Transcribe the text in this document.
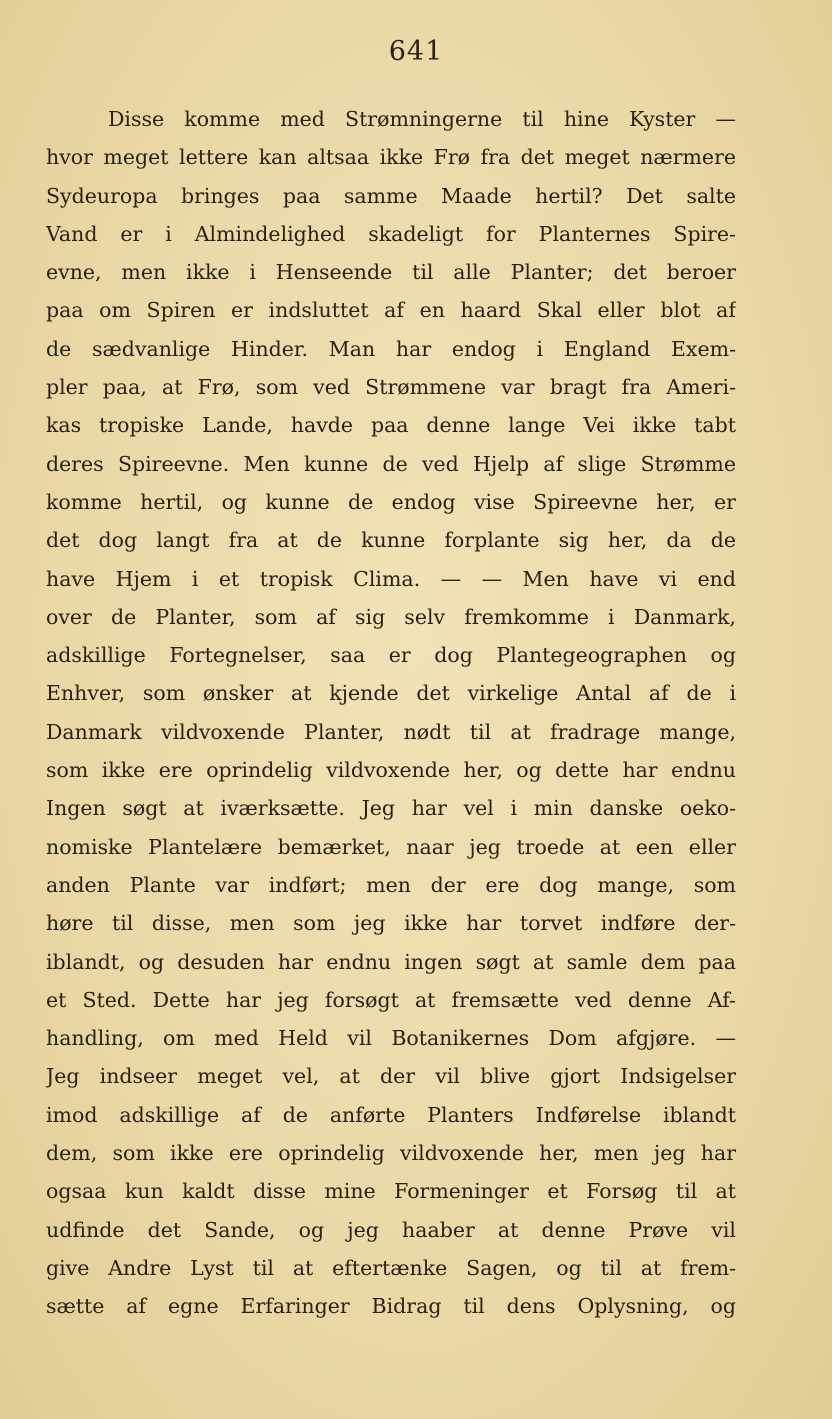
641
Disse komme med Strømningerne til hine Kyster —
hvor meget lettere kan altsaa ikke Frø fra det meget nærmere
Sydeuropa bringes paa samme Maade hertil? Det salte
Vand er i Almindelighed skadeligt for Planternes Spire-
evne, men ikke i Henseende til alle Planter; det beroer
paa om Spiren er indsluttet af en haard Skal eller blot af
de sædvanlige Hinder. Man har endog i England Exem-
pler paa, at Frø, som ved Strømmene var bragt fra Ameri-
kas tropiske Lande, havde paa denne lange Vei ikke tabt
deres Spireevne. Men kunne de ved Hjelp af slige Strømme
komme hertil, og kunne de endog vise Spireevne her, er
det dog langt fra at de kunne forplante sig her, da de
have Hjem i et tropisk Clima. — — Men have vi end
over de Planter, som af sig selv fremkomme i Danmark,
adskillige Fortegnelser, saa er dog Plantegeographen og
Enhver, som ønsker at kjende det virkelige Antal af de i
Danmark vildvoxende Planter, nødt til at fradrage mange,
som ikke ere oprindelig vildvoxende her, og dette har endnu
Ingen søgt at iværksætte. Jeg har vel i min danske oeko-
nomiske Plantelære bemærket, naar jeg troede at een eller
anden Plante var indført; men der ere dog mange, som
høre til disse, men som jeg ikke har torvet indføre der-
iblandt, og desuden har endnu ingen søgt at samle dem paa
et Sted. Dette har jeg forsøgt at fremsætte ved denne Af-
handling, om med Held vil Botanikernes Dom afgjøre. —
Jeg indseer meget vel, at der vil blive gjort Indsigelser
imod adskillige af de anførte Planters Indførelse iblandt
dem, som ikke ere oprindelig vildvoxende her, men jeg har
ogsaa kun kaldt disse mine Formeninger et Forsøg til at
udfinde det Sande, og jeg haaber at denne Prøve vil
give Andre Lyst til at eftertænke Sagen, og til at frem-
sætte af egne Erfaringer Bidrag til dens Oplysning, og
